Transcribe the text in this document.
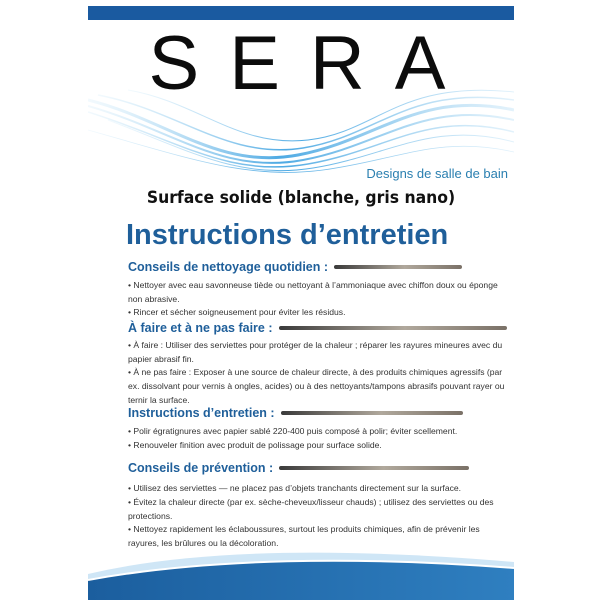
SERA
Designs de salle de bain
Surface solide (blanche, gris nano)
Instructions d’entretien
Conseils de nettoyage quotidien :
• Nettoyer avec eau savonneuse tiède ou nettoyant à l’ammoniaque avec chiffon doux ou éponge non abrasive.
• Rincer et sécher soigneusement pour éviter les résidus.
À faire et à ne pas faire :
• À faire : Utiliser des serviettes pour protéger de la chaleur ; réparer les rayures mineures avec du papier abrasif fin.
• À ne pas faire : Exposer à une source de chaleur directe, à des produits chimiques agressifs (par ex. dissolvant pour vernis à ongles, acides) ou à des nettoyants/tampons abrasifs pouvant rayer ou ternir la surface.
Instructions d’entretien :
• Polir égratignures avec papier sablé 220-400 puis composé à polir; éviter scellement.
• Renouveler finition avec produit de polissage pour surface solide.
Conseils de prévention :
• Utilisez des serviettes — ne placez pas d’objets tranchants directement sur la surface.
• Évitez la chaleur directe (par ex. sèche-cheveux/lisseur chauds) ; utilisez des serviettes ou des protections.
• Nettoyez rapidement les éclaboussures, surtout les produits chimiques, afin de prévenir les rayures, les brûlures ou la décoloration.
